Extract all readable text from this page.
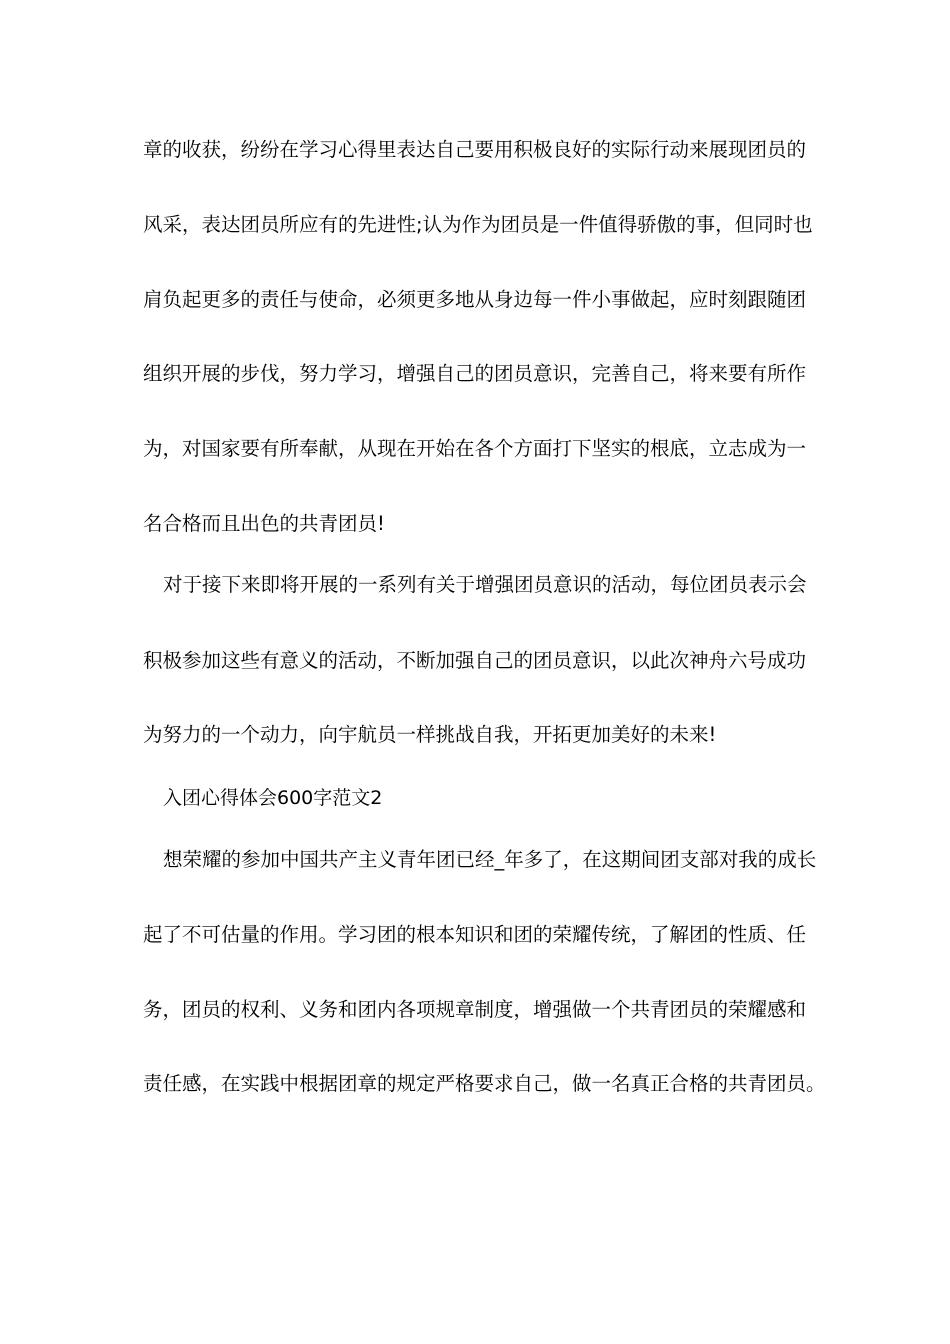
章的收获，纷纷在学习心得里表达自己要用积极良好的实际行动来展现团员的
风采，表达团员所应有的先进性;认为作为团员是一件值得骄傲的事，但同时也
肩负起更多的责任与使命，必须更多地从身边每一件小事做起，应时刻跟随团
组织开展的步伐，努力学习，增强自己的团员意识，完善自己，将来要有所作
为，对国家要有所奉献，从现在开始在各个方面打下坚实的根底，立志成为一
名合格而且出色的共青团员!
对于接下来即将开展的一系列有关于增强团员意识的活动，每位团员表示会
积极参加这些有意义的活动，不断加强自己的团员意识，以此次神舟六号成功
为努力的一个动力，向宇航员一样挑战自我，开拓更加美好的未来!
入团心得体会600字范文2
想荣耀的参加中国共产主义青年团已经_年多了，在这期间团支部对我的成长
起了不可估量的作用。学习团的根本知识和团的荣耀传统，了解团的性质、任
务，团员的权利、义务和团内各项规章制度，增强做一个共青团员的荣耀感和
责任感，在实践中根据团章的规定严格要求自己，做一名真正合格的共青团员。
